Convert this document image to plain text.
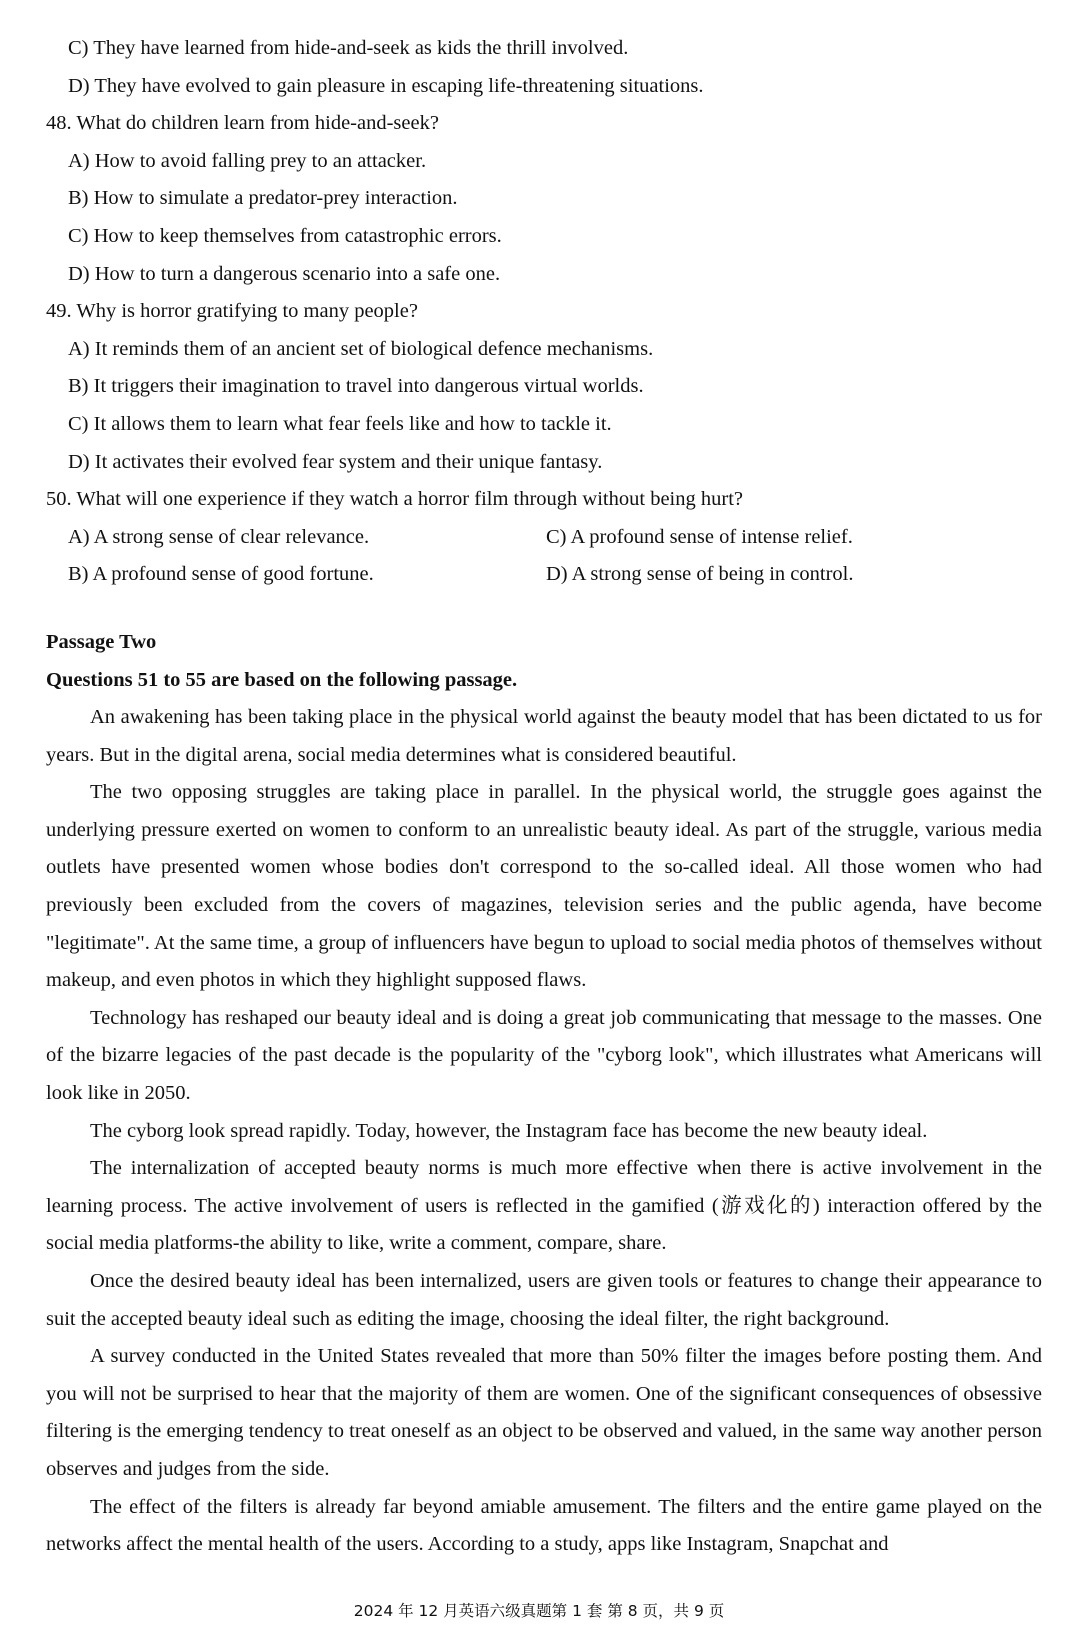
C) They have learned from hide-and-seek as kids the thrill involved.
D) They have evolved to gain pleasure in escaping life-threatening situations.
48. What do children learn from hide-and-seek?
A) How to avoid falling prey to an attacker.
B) How to simulate a predator-prey interaction.
C) How to keep themselves from catastrophic errors.
D) How to turn a dangerous scenario into a safe one.
49. Why is horror gratifying to many people?
A) It reminds them of an ancient set of biological defence mechanisms.
B) It triggers their imagination to travel into dangerous virtual worlds.
C) It allows them to learn what fear feels like and how to tackle it.
D) It activates their evolved fear system and their unique fantasy.
50. What will one experience if they watch a horror film through without being hurt?
A) A strong sense of clear relevance.	C) A profound sense of intense relief.
B) A profound sense of good fortune.	D) A strong sense of being in control.
Passage Two
Questions 51 to 55 are based on the following passage.

An awakening has been taking place in the physical world against the beauty model that has been dictated to us for years. But in the digital arena, social media determines what is considered beautiful.

The two opposing struggles are taking place in parallel. In the physical world, the struggle goes against the underlying pressure exerted on women to conform to an unrealistic beauty ideal. As part of the struggle, various media outlets have presented women whose bodies don't correspond to the so-called ideal. All those women who had previously been excluded from the covers of magazines, television series and the public agenda, have become "legitimate". At the same time, a group of influencers have begun to upload to social media photos of themselves without makeup, and even photos in which they highlight supposed flaws.

Technology has reshaped our beauty ideal and is doing a great job communicating that message to the masses. One of the bizarre legacies of the past decade is the popularity of the "cyborg look", which illustrates what Americans will look like in 2050.

The cyborg look spread rapidly. Today, however, the Instagram face has become the new beauty ideal.

The internalization of accepted beauty norms is much more effective when there is active involvement in the learning process. The active involvement of users is reflected in the gamified (游戏化的) interaction offered by the social media platforms-the ability to like, write a comment, compare, share.

Once the desired beauty ideal has been internalized, users are given tools or features to change their appearance to suit the accepted beauty ideal such as editing the image, choosing the ideal filter, the right background.

A survey conducted in the United States revealed that more than 50% filter the images before posting them. And you will not be surprised to hear that the majority of them are women. One of the significant consequences of obsessive filtering is the emerging tendency to treat oneself as an object to be observed and valued, in the same way another person observes and judges from the side.

The effect of the filters is already far beyond amiable amusement. The filters and the entire game played on the networks affect the mental health of the users. According to a study, apps like Instagram, Snapchat and

2024 年 12 月英语六级真题第 1 套 第 8 页，共 9 页
